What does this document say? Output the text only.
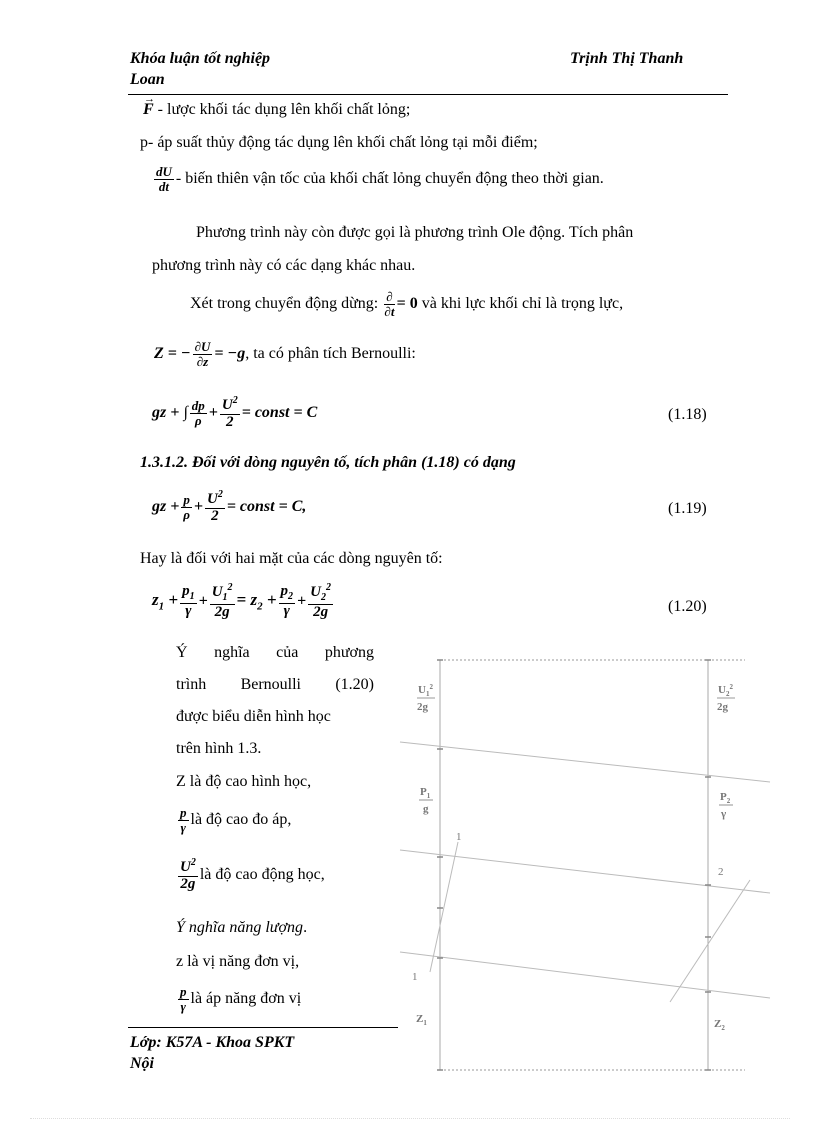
Khóa luận tốt nghiệp
Loan
Trịnh Thị Thanh
F
→
- lược khối tác dụng lên khối chất lỏng;
p- áp suất thủy động tác dụng lên khối chất lỏng tại mỗi điểm;
$\frac{dU}{dt}$ - biến thiên vận tốc của khối chất lỏng chuyển động theo thời gian.
Phương trình này còn được gọi là phương trình Ole động. Tích phân
phương trình này có các dạng khác nhau.
Xét trong chuyển động dừng: $\frac{\partial}{\partial t} = 0$ và khi lực khối chỉ là trọng lực,
Z = − $\frac{\partial U}{\partial z} = -g$, ta có phân tích Bernoulli:
gz + ∫ $\frac{dp}{\rho} + \frac{U^2}{2}$ = const = C	(1.18)
1.3.1.2. Đối với dòng nguyên tố, tích phân (1.18) có dạng
gz + $\frac{p}{\rho} + \frac{U^2}{2}$ = const = C,	(1.19)
Hay là đối với hai mặt của các dòng nguyên tố:
$z_1 + \frac{p_1}{\gamma} + \frac{U_1^2}{2g} = z_2 + \frac{p_2}{\gamma} + \frac{U_2^2}{2g}$	(1.20)
Ý nghĩa của phương
trình Bernoulli (1.20)
được biểu diễn hình học
trên hình 1.3.
Z là độ cao hình học,
$\frac{p}{\gamma}$ là độ cao đo áp,
$\frac{U^2}{2g}$ là độ cao động học,
Ý nghĩa năng lượng.
z là vị năng đơn vị,
$\frac{p}{\gamma}$ là áp năng đơn vị
Lớp: K57A - Khoa SPKT
Nội
$U_1^2$
2g
$P_1$
g
1
1
$Z_1$
$U_2^2$
2g
$P_2$
γ
2
$Z_2$
